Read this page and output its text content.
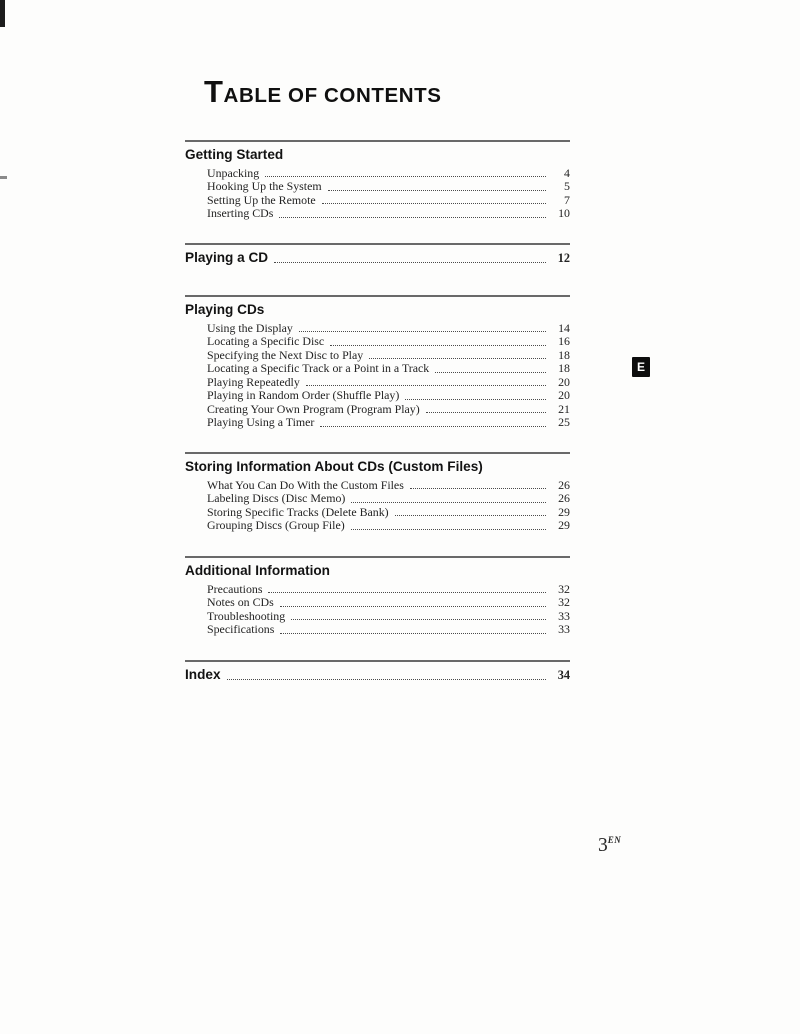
TABLE OF CONTENTS
Getting Started
Unpacking	4
Hooking Up the System	5
Setting Up the Remote	7
Inserting CDs	10
Playing a CD	12
Playing CDs
Using the Display	14
Locating a Specific Disc	16
Specifying the Next Disc to Play	18
Locating a Specific Track or a Point in a Track	18
Playing Repeatedly	20
Playing in Random Order (Shuffle Play)	20
Creating Your Own Program (Program Play)	21
Playing Using a Timer	25
Storing Information About CDs (Custom Files)
What You Can Do With the Custom Files	26
Labeling Discs (Disc Memo)	26
Storing Specific Tracks (Delete Bank)	29
Grouping Discs (Group File)	29
Additional Information
Precautions	32
Notes on CDs	32
Troubleshooting	33
Specifications	33
Index	34
E
$3^{EN}$
